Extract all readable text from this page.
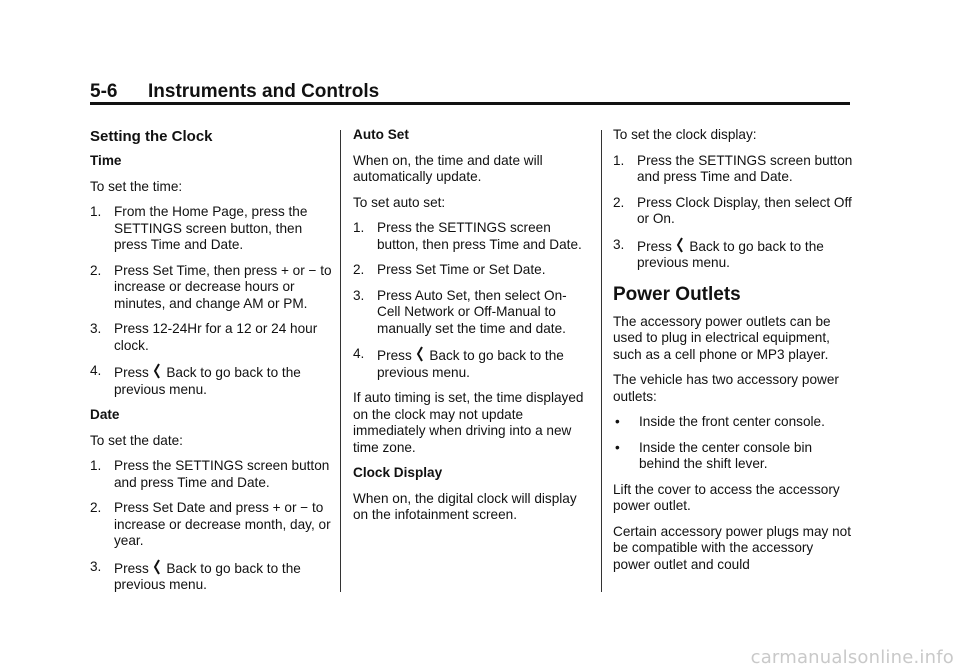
5-6 Instruments and Controls
Setting the Clock

Time

To set the time:

1. From the Home Page, press the SETTINGS screen button, then press Time and Date.
2. Press Set Time, then press + or − to increase or decrease hours or minutes, and change AM or PM.
3. Press 12-24Hr for a 12 or 24 hour clock.
4. Press Back to go back to the previous menu.

Date

To set the date:

1. Press the SETTINGS screen button and press Time and Date.
2. Press Set Date and press + or − to increase or decrease month, day, or year.
3. Press Back to go back to the previous menu.

Auto Set

When on, the time and date will automatically update.

To set auto set:

1. Press the SETTINGS screen button, then press Time and Date.
2. Press Set Time or Set Date.
3. Press Auto Set, then select On-Cell Network or Off-Manual to manually set the time and date.
4. Press Back to go back to the previous menu.

If auto timing is set, the time displayed on the clock may not update immediately when driving into a new time zone.

Clock Display

When on, the digital clock will display on the infotainment screen.

To set the clock display:

1. Press the SETTINGS screen button and press Time and Date.
2. Press Clock Display, then select Off or On.
3. Press Back to go back to the previous menu.
Power Outlets

The accessory power outlets can be used to plug in electrical equipment, such as a cell phone or MP3 player.

The vehicle has two accessory power outlets:

•	Inside the front center console.
•	Inside the center console bin behind the shift lever.

Lift the cover to access the accessory power outlet.

Certain accessory power plugs may not be compatible with the accessory power outlet and could

carmanualsonline.info
